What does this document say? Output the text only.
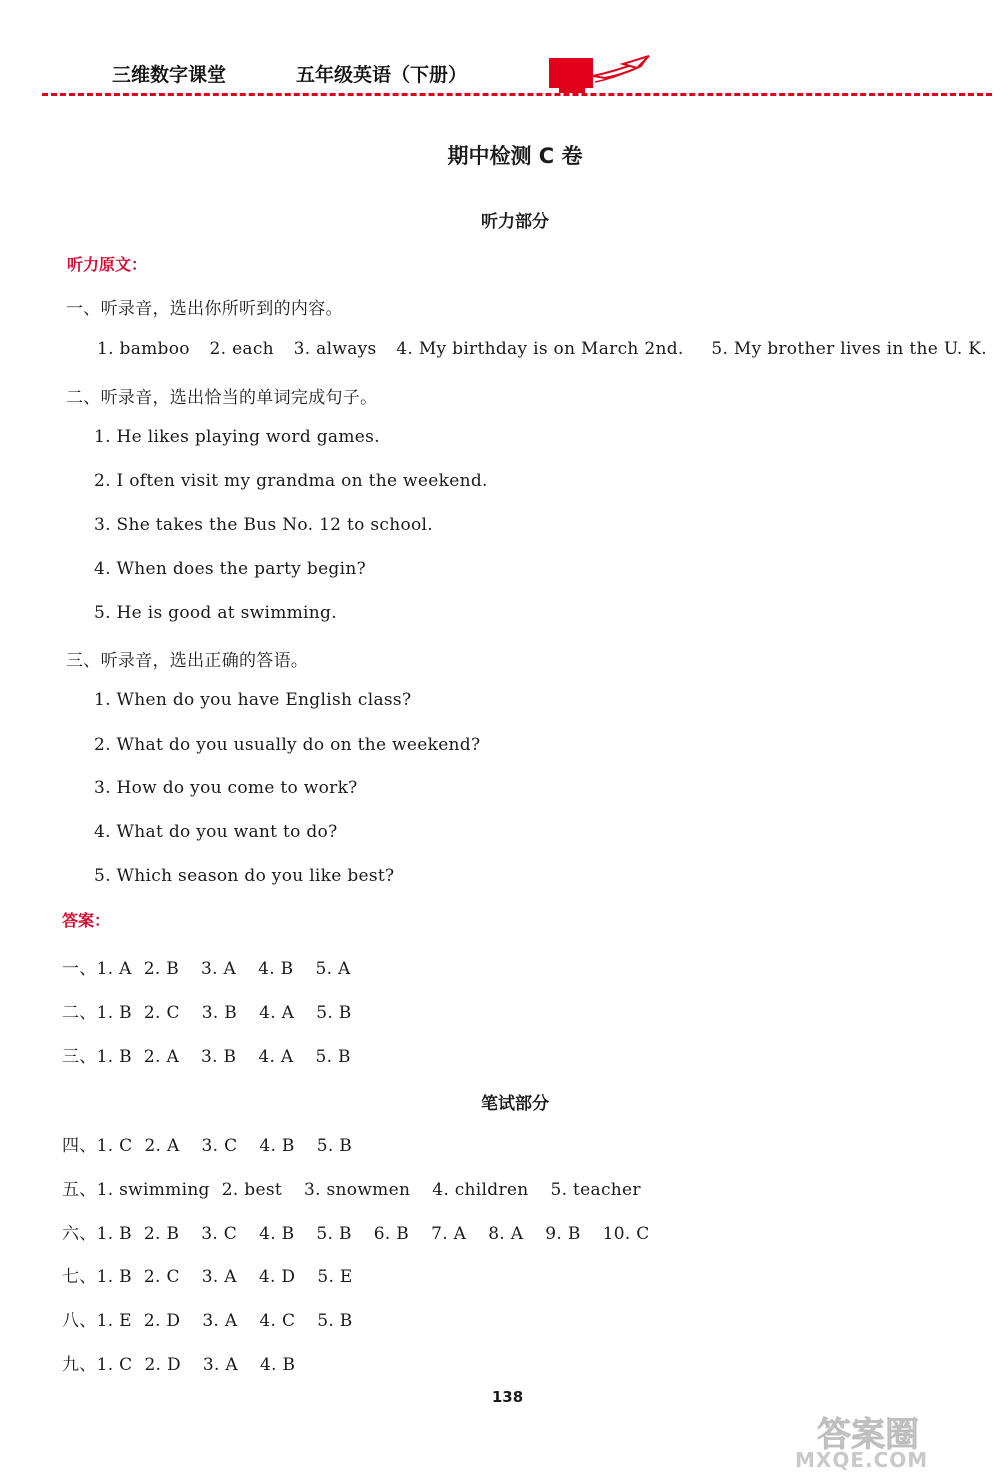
三维数字课堂	五年级英语（下册）
期中检测 C 卷
听力部分
听力原文：
一、听录音，选出你所听到的内容。
1. bamboo 2. each 3. always 4. My birthday is on March 2nd. 5. My brother lives in the U. K.
二、听录音，选出恰当的单词完成句子。
1. He likes playing word games.
2. I often visit my grandma on the weekend.
3. She takes the Bus No. 12 to school.
4. When does the party begin?
5. He is good at swimming.
三、听录音，选出正确的答语。
1. When do you have English class?
2. What do you usually do on the weekend?
3. How do you come to work?
4. What do you want to do?
5. Which season do you like best?
答案：
一、1. A 2. B 3. A 4. B 5. A
二、1. B 2. C 3. B 4. A 5. B
三、1. B 2. A 3. B 4. A 5. B
笔试部分
四、1. C 2. A 3. C 4. B 5. B
五、1. swimming 2. best 3. snowmen 4. children 5. teacher
六、1. B 2. B 3. C 4. B 5. B 6. B 7. A 8. A 9. B 10. C
七、1. B 2. C 3. A 4. D 5. E
八、1. E 2. D 3. A 4. C 5. B
九、1. C 2. D 3. A 4. B
138
答案圈
MXQE.COM
